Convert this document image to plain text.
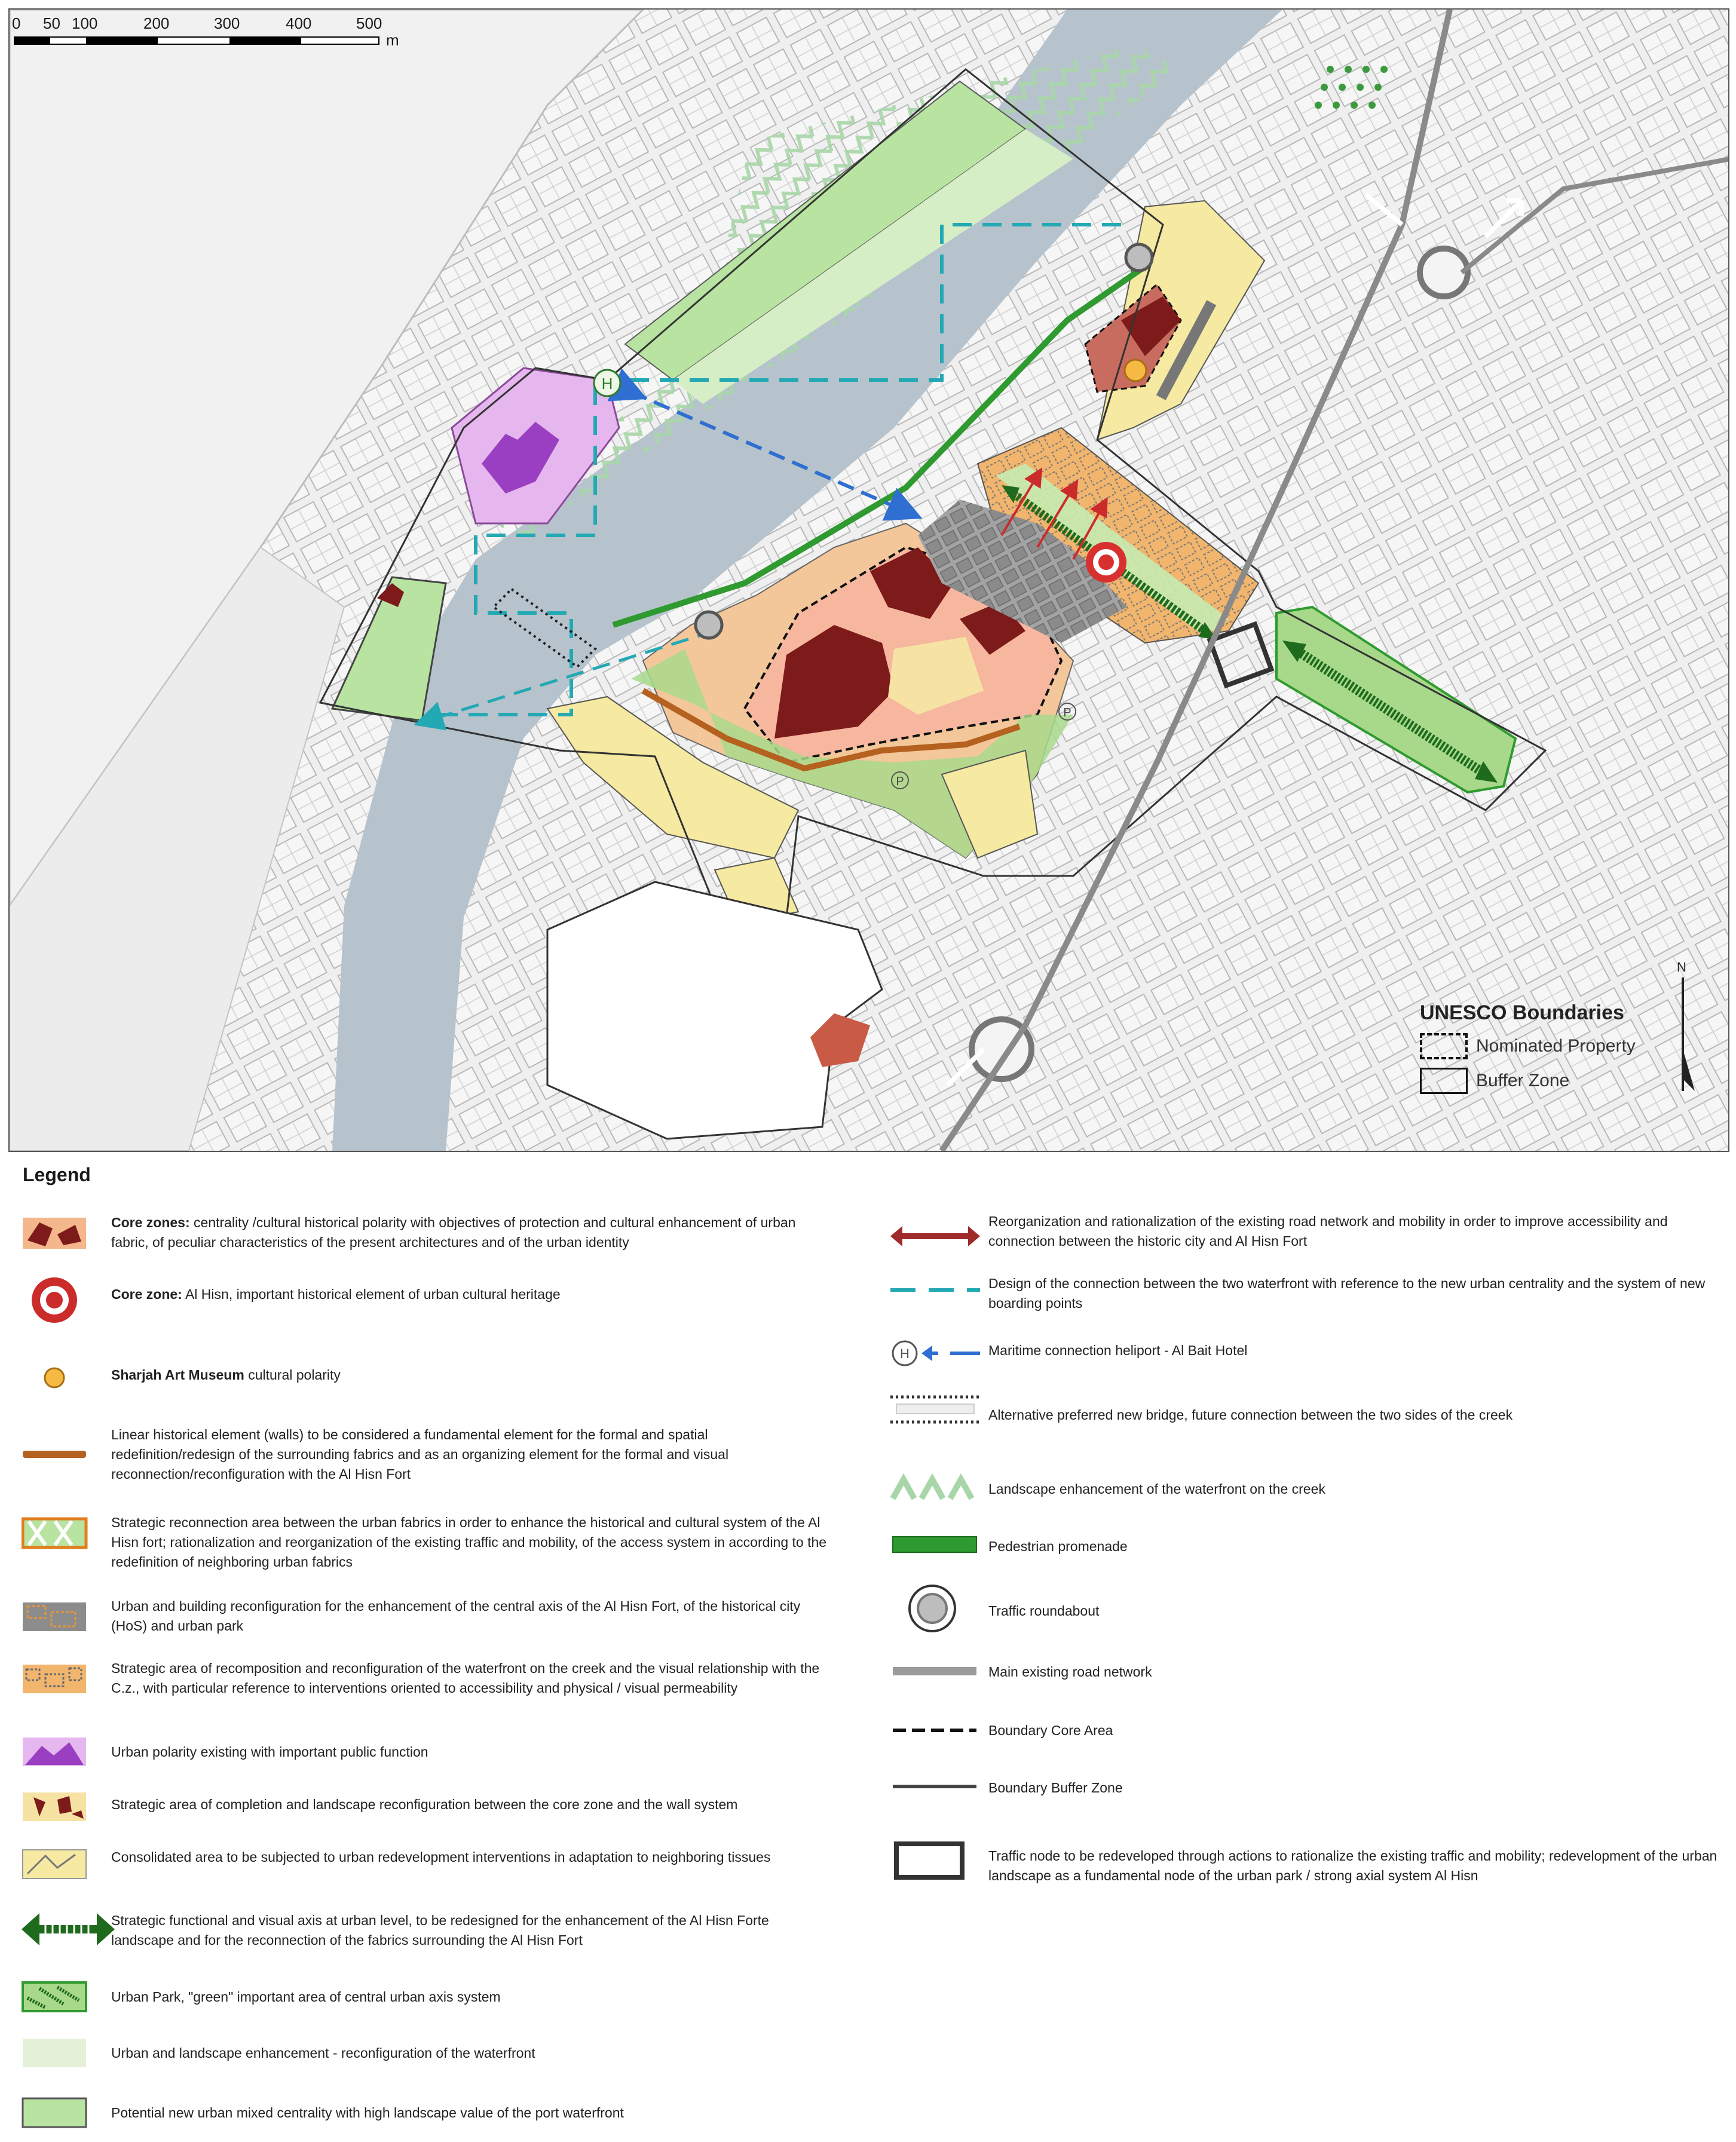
H
P
P
N
0 50 100	200	300	400	500
m
UNESCO Boundaries
Nominated Property
Buffer Zone
Legend
Core zones: centrality /cultural historical polarity with objectives of protection and cultural enhancement of urban fabric, of peculiar characteristics of the present architectures and of the urban identity
Core zone: Al Hisn, important historical element of urban cultural heritage
Sharjah Art Museum cultural polarity
Linear historical element (walls) to be considered a fundamental element for the formal and spatial redefinition/redesign of the surrounding fabrics and as an organizing element for the formal and visual reconnection/reconfiguration with the Al Hisn Fort
Strategic reconnection area between the urban fabrics in order to enhance the historical and cultural system of the Al Hisn fort; rationalization and reorganization of the existing traffic and mobility, of the access system in according to the redefinition of neighboring urban fabrics
Urban and building reconfiguration for the enhancement of the central axis of the Al Hisn Fort, of the historical city (HoS) and urban park
Strategic area of recomposition and reconfiguration of the waterfront on the creek and the visual relationship with the C.z., with particular reference to interventions oriented to accessibility and physical / visual permeability
Urban polarity existing with important public function
Strategic area of completion and landscape reconfiguration between the core zone and the wall system
Consolidated area to be subjected to urban redevelopment interventions in adaptation to neighboring tissues
Strategic functional and visual axis at urban level, to be redesigned for the enhancement of the Al Hisn Forte landscape and for the reconnection of the fabrics surrounding the Al Hisn Fort
Urban Park, "green" important area of central urban axis system
Urban and landscape enhancement - reconfiguration of the waterfront
Potential new urban mixed centrality with high landscape value of the port waterfront
Reorganization and rationalization of the existing road network and mobility in order to improve accessibility and connection between the historic city and Al Hisn Fort
Design of the connection between the two waterfront with reference to the new urban centrality and the system of new boarding points
H	Maritime connection heliport - Al Bait Hotel
Alternative preferred new bridge, future connection between the two sides of the creek
Landscape enhancement of the waterfront on the creek
Pedestrian promenade
Traffic roundabout
Main existing road network
Boundary Core Area
Boundary Buffer Zone
Traffic node to be redeveloped through actions to rationalize the existing traffic and mobility; redevelopment of the urban landscape as a fundamental node of the urban park / strong axial system Al Hisn
